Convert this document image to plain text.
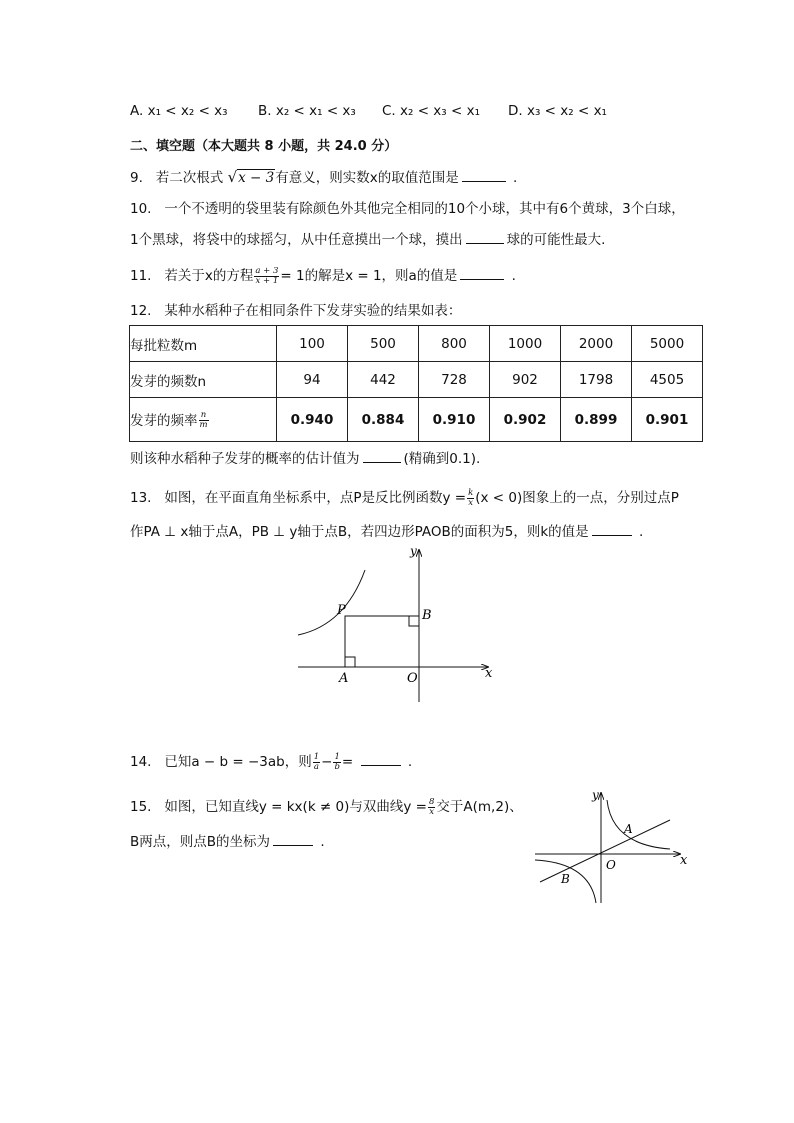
A. x₁ < x₂ < x₃ B. x₂ < x₁ < x₃ C. x₂ < x₃ < x₁ D. x₃ < x₂ < x₁
二、填空题（本大题共 8 小题，共 24.0 分）
9. 若二次根式 √x − 3有意义，则实数x的取值范围是	.
10. 一个不透明的袋里装有除颜色外其他完全相同的10个小球，其中有6个黄球，3个白球，
1个黑球，将袋中的球摇匀，从中任意摸出一个球，摸出	球的可能性最大.
11. 若关于x的方程 $\frac{a + 3}{x + 1} = 1$的解是x = 1，则a的值是	.
12. 某种水稻种子在相同条件下发芽实验的结果如表：
每批粒数m	100	500	800	1000	2000	5000
发芽的频数n	94	442	728	902	1798	4505
发芽的频率 $\frac{n}{m}$	0.940	0.884	0.910	0.902	0.899	0.901
则该种水稻种子发芽的概率的估计值为	(精确到0.1).
13. 如图，在平面直角坐标系中，点P是反比例函数$y = \frac{k}{x} (x < 0)$图象上的一点，分别过点P
作PA ⊥ x轴于点A，PB ⊥ y轴于点B，若四边形PAOB的面积为5，则k的值是	.
y
x
P	B
A	O
14. 已知a − b = −3ab，则 $\frac{1}{a} - \frac{1}{b}$ =	.
15. 如图，已知直线y = kx(k ≠ 0)与双曲线$y = \frac{8}{x}$ 交于A(m,2)、
B两点，则点B的坐标为	.
y
x
A
B
O
